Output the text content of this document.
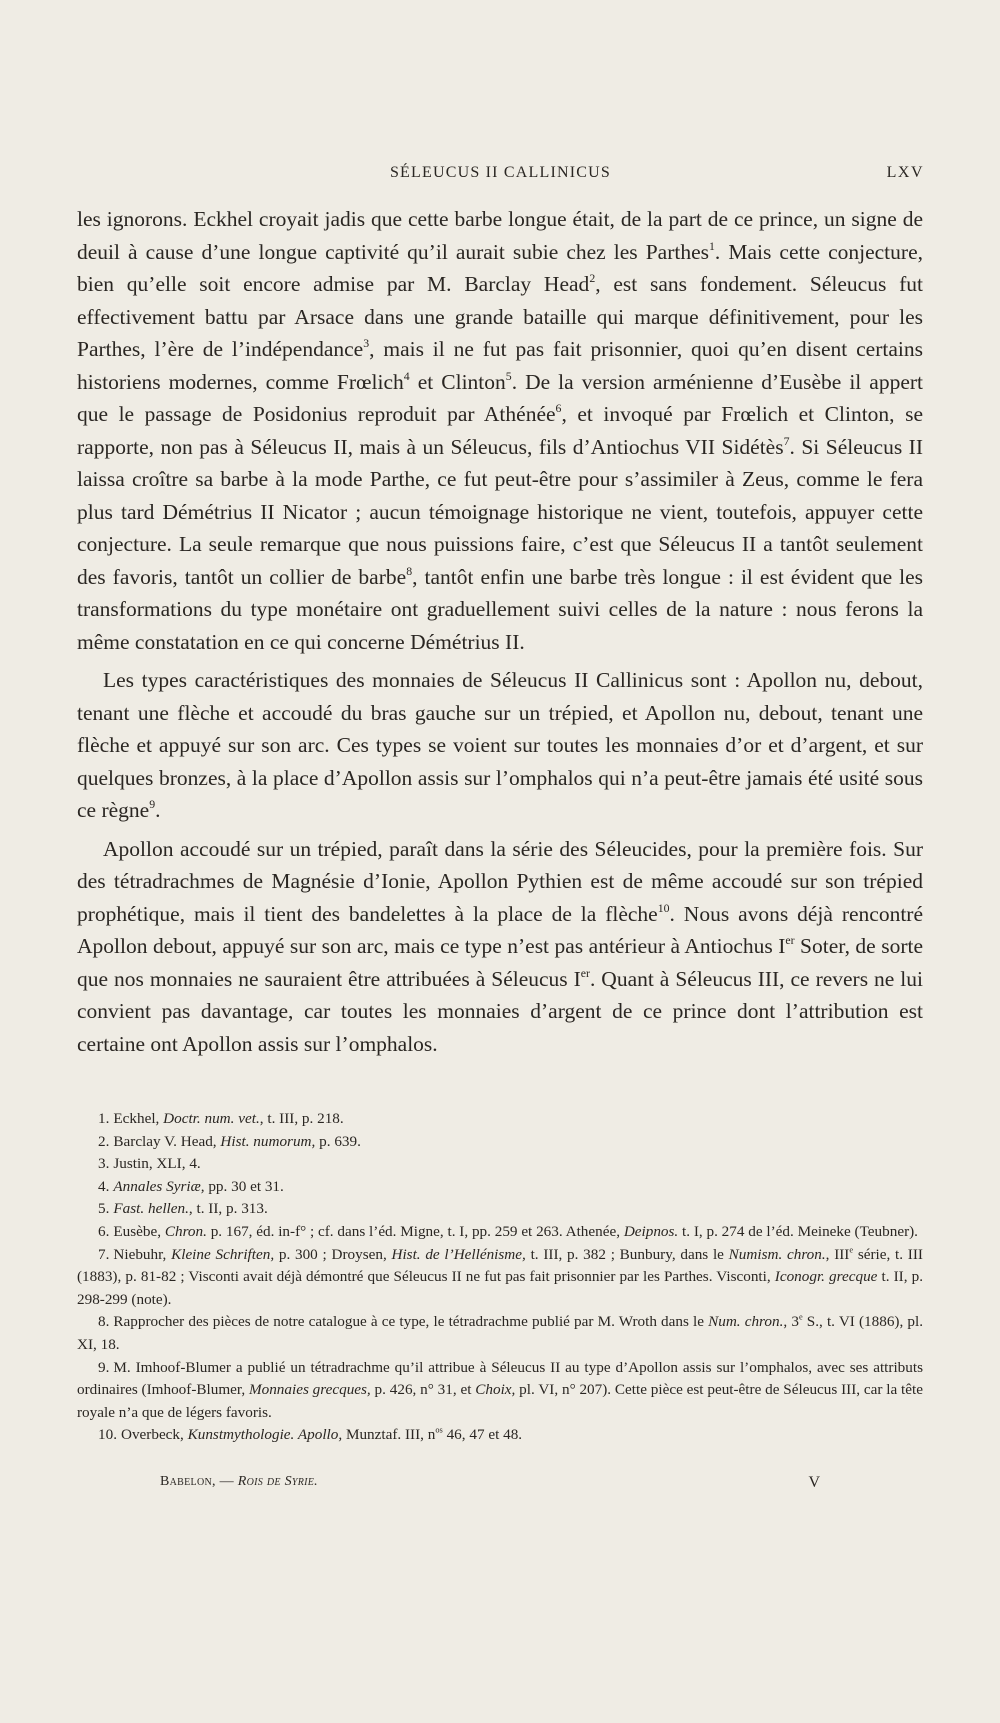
SÉLEUCUS II CALLINICUS	LXV

les ignorons. Eckhel croyait jadis que cette barbe longue était, de la part de ce prince, un signe de deuil à cause d’une longue captivité qu’il aurait subie chez les Parthes$^1$. Mais cette conjecture, bien qu’elle soit encore admise par M. Barclay Head$^2$, est sans fondement. Séleucus fut effectivement battu par Arsace dans une grande bataille qui marque définitivement, pour les Parthes, l’ère de l’indépendance$^3$, mais il ne fut pas fait prisonnier, quoi qu’en disent certains historiens modernes, comme Frœlich$^4$ et Clinton$^5$. De la version arménienne d’Eusèbe il appert que le passage de Posidonius reproduit par Athénée$^6$, et invoqué par Frœlich et Clinton, se rapporte, non pas à Séleucus II, mais à un Séleucus, fils d’Antiochus VII Sidétès$^7$. Si Séleucus II laissa croître sa barbe à la mode Parthe, ce fut peut-être pour s’assimiler à Zeus, comme le fera plus tard Démétrius II Nicator ; aucun témoignage historique ne vient, toutefois, appuyer cette conjecture. La seule remarque que nous puissions faire, c’est que Séleucus II a tantôt seulement des favoris, tantôt un collier de barbe$^8$, tantôt enfin une barbe très longue : il est évident que les transformations du type monétaire ont graduellement suivi celles de la nature : nous ferons la même constatation en ce qui concerne Démétrius II.

Les types caractéristiques des monnaies de Séleucus II Callinicus sont : Apollon nu, debout, tenant une flèche et accoudé du bras gauche sur un trépied, et Apollon nu, debout, tenant une flèche et appuyé sur son arc. Ces types se voient sur toutes les monnaies d’or et d’argent, et sur quelques bronzes, à la place d’Apollon assis sur l’omphalos qui n’a peut-être jamais été usité sous ce règne$^9$.

Apollon accoudé sur un trépied, paraît dans la série des Séleucides, pour la première fois. Sur des tétradrachmes de Magnésie d’Ionie, Apollon Pythien est de même accoudé sur son trépied prophétique, mais il tient des bandelettes à la place de la flèche$^{10}$. Nous avons déjà rencontré Apollon debout, appuyé sur son arc, mais ce type n’est pas antérieur à Antiochus Ier Soter, de sorte que nos monnaies ne sauraient être attribuées à Séleucus Ier. Quant à Séleucus III, ce revers ne lui convient pas davantage, car toutes les monnaies d’argent de ce prince dont l’attribution est certaine ont Apollon assis sur l’omphalos.

1. Eckhel, Doctr. num. vet., t. III, p. 218.

2. Barclay V. Head, Hist. numorum, p. 639.

3. Justin, XLI, 4.

4. Annales Syriæ, pp. 30 et 31.

5. Fast. hellen., t. II, p. 313.

6. Eusèbe, Chron. p. 167, éd. in-f° ; cf. dans l’éd. Migne, t. I, pp. 259 et 263. Athenée, Deipnos. t. I, p. 274 de l’éd. Meineke (Teubner).

7. Niebuhr, Kleine Schriften, p. 300 ; Droysen, Hist. de l’Hellénisme, t. III, p. 382 ; Bunbury, dans le Numism. chron., IIIe série, t. III (1883), p. 81-82 ; Visconti avait déjà démontré que Séleucus II ne fut pas fait prisonnier par les Parthes. Visconti, Iconogr. grecque t. II, p. 298-299 (note).

8. Rapprocher des pièces de notre catalogue à ce type, le tétradrachme publié par M. Wroth dans le Num. chron., 3e S., t. VI (1886), pl. XI, 18.

9. M. Imhoof-Blumer a publié un tétradrachme qu’il attribue à Séleucus II au type d’Apollon assis sur l’omphalos, avec ses attributs ordinaires (Imhoof-Blumer, Monnaies grecques, p. 426, n° 31, et Choix, pl. VI, n° 207). Cette pièce est peut-être de Séleucus III, car la tête royale n’a que de légers favoris.

10. Overbeck, Kunstmythologie. Apollo, Munztaf. III, $n^{os}$ 46, 47 et 48.

Babelon, — Rois de Syrie.	V
